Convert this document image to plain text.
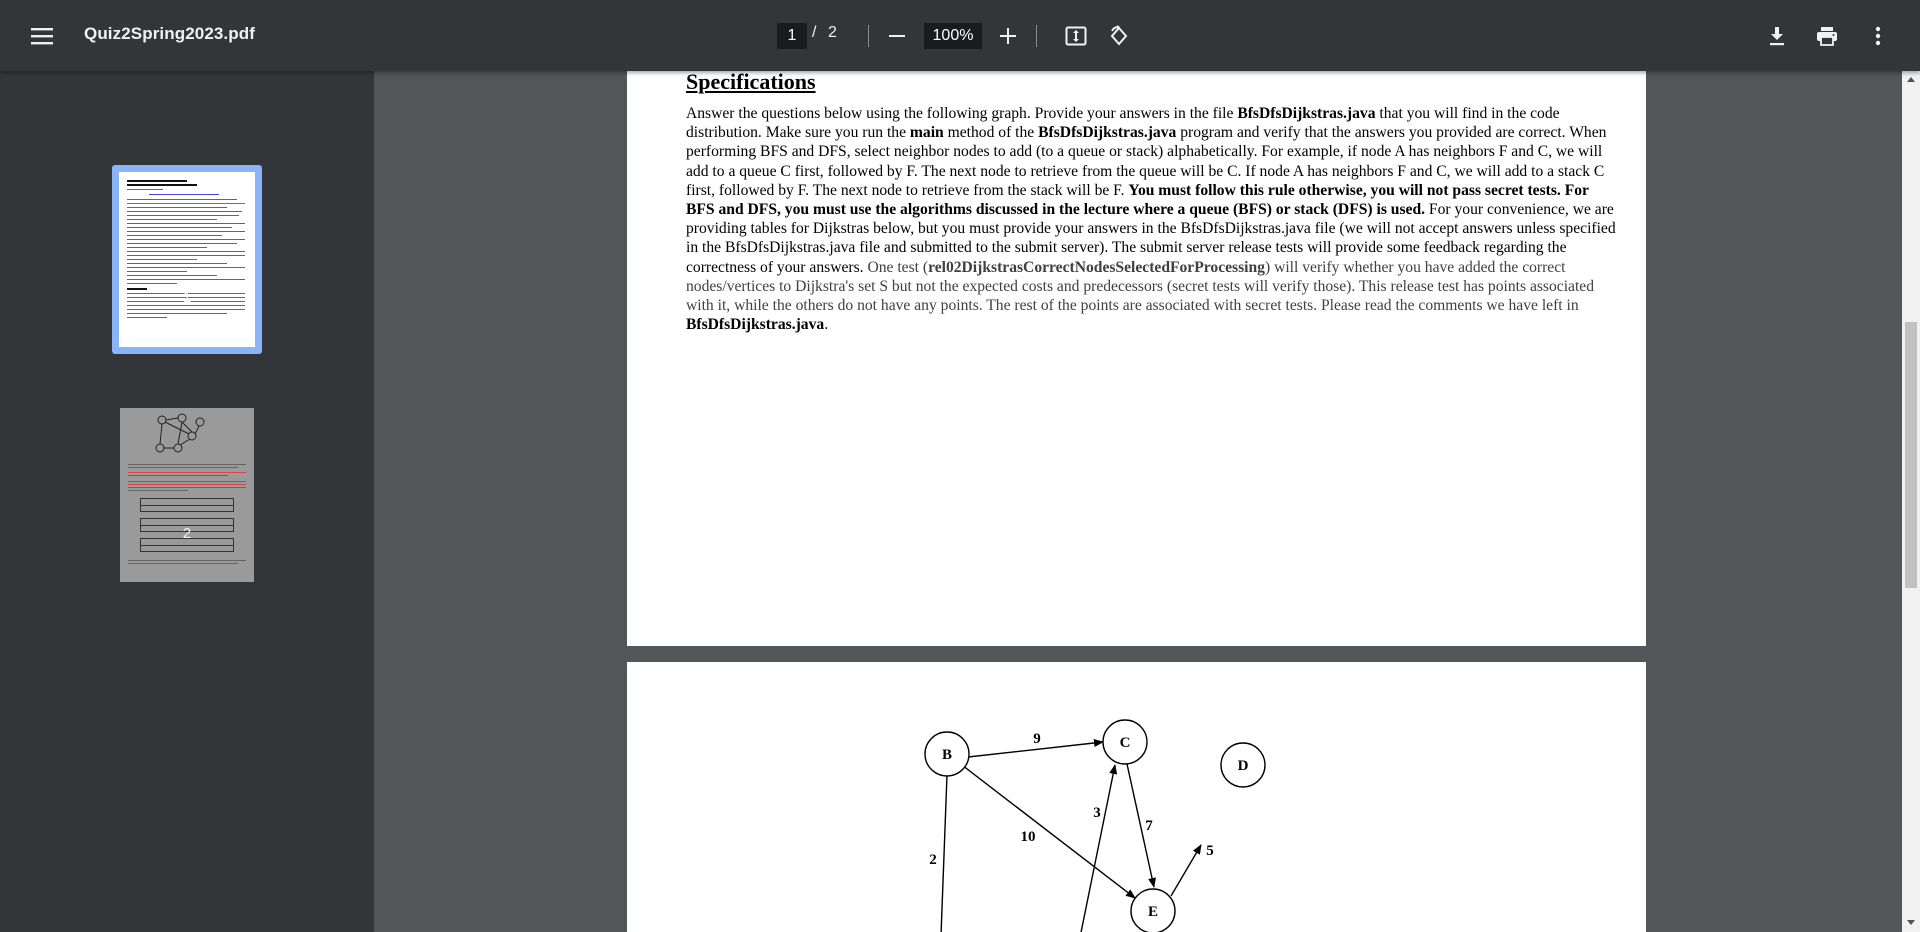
Quiz2Spring2023.pdf	1 / 2	100%
1
2
Specifications
Answer the questions below using the following graph. Provide your answers in the file BfsDfsDijkstras.java that you will find in the code distribution. Make sure you run the main method of the BfsDfsDijkstras.java program and verify that the answers you provided are correct. When performing BFS and DFS, select neighbor nodes to add (to a queue or stack) alphabetically. For example, if node A has neighbors F and C, we will add to a queue C first, followed by F. The next node to retrieve from the queue will be C. If node A has neighbors F and C, we will add to a stack C first, followed by F. The next node to retrieve from the stack will be F. You must follow this rule otherwise, you will not pass secret tests. For BFS and DFS, you must use the algorithms discussed in the lecture where a queue (BFS) or stack (DFS) is used. For your convenience, we are providing tables for Dijkstras below, but you must provide your answers in the BfsDfsDijkstras.java file (we will not accept answers unless specified in the BfsDfsDijkstras.java file and submitted to the submit server). The submit server release tests will provide some feedback regarding the correctness of your answers. One test (rel02DijkstrasCorrectNodesSelectedForProcessing) will verify whether you have added the correct nodes/vertices to Dijkstra's set S but not the expected costs and predecessors (secret tests will verify those). This release test has points associated with it, while the others do not have any points. The rest of the points are associated with secret tests. Please read the comments we have left in BfsDfsDijkstras.java.
B
C
D
E
9
10
2
3
7
5
